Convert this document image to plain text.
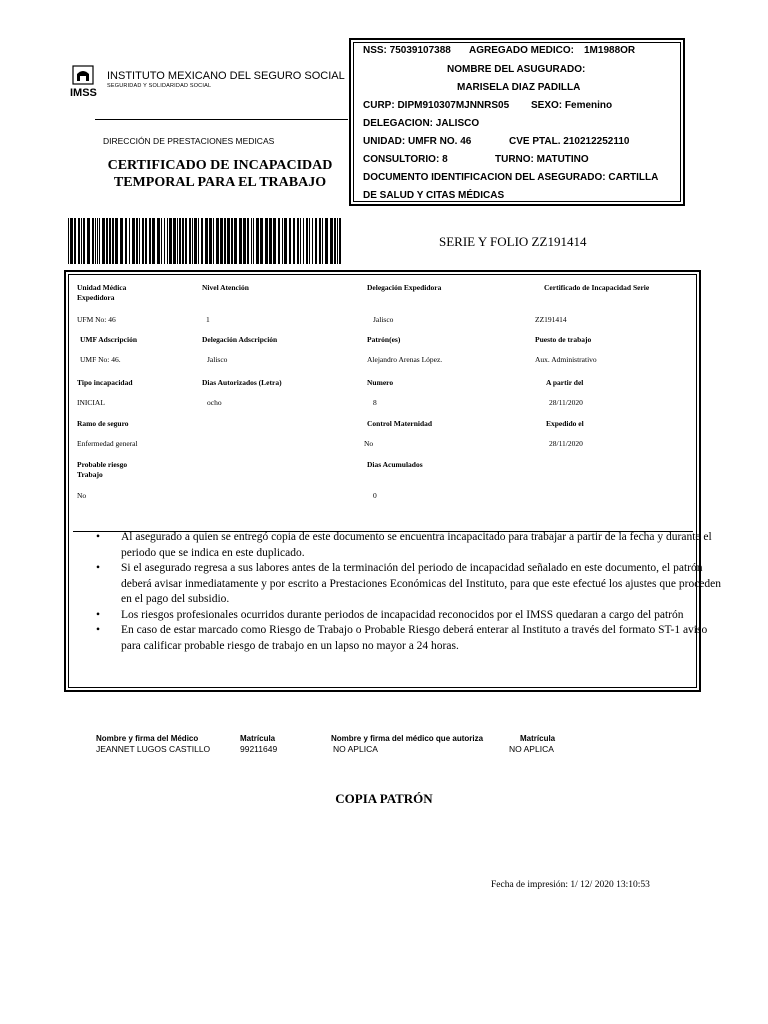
IMSS
INSTITUTO MEXICANO DEL SEGURO SOCIAL
SEGURIDAD Y SOLIDARIDAD SOCIAL
DIRECCIÓN DE PRESTACIONES MEDICAS
CERTIFICADO DE INCAPACIDAD
TEMPORAL PARA EL TRABAJO
NSS: 75039107388 AGREGADO MEDICO: 1M1988OR
NOMBRE DEL ASUGURADO:
MARISELA DIAZ PADILLA
CURP: DIPM910307MJNNRS05 SEXO: Femenino
DELEGACION: JALISCO
UNIDAD: UMFR NO. 46	CVE PTAL. 210212252110
CONSULTORIO: 8	TURNO: MATUTINO
DOCUMENTO IDENTIFICACION DEL ASEGURADO: CARTILLA
DE SALUD Y CITAS MÉDICAS
SERIE Y FOLIO ZZ191414
Unidad Médica Expedidora
UFM No: 46
Nivel Atención
1
Delegación Expedidora
Jalisco
Certificado de Incapacidad Serie
ZZ191414
UMF Adscripción
UMF No: 46.
Delegación Adscripción
Jalisco
Patrón(es)
Alejandro Arenas López.
Puesto de trabajo
Aux. Administrativo
Tipo incapacidad
INICIAL
Dias Autorizados (Letra)
ocho
Numero
8
A partir del
28/11/2020
Ramo de seguro
Enfermedad general
Control Maternidad
No
Expedido el
28/11/2020
Probable riesgo Trabajo
No
Dias Acumulados
0
• Al asegurado a quien se entregó copia de este documento se encuentra incapacitado para trabajar a partir de la fecha y durante el periodo que se indica en este duplicado.
• Si el asegurado regresa a sus labores antes de la terminación del periodo de incapacidad señalado en este documento, el patrón deberá avisar inmediatamente y por escrito a Prestaciones Económicas del Instituto, para que este efectué los ajustes que proceden en el pago del subsidio.
• Los riesgos profesionales ocurridos durante periodos de incapacidad reconocidos por el IMSS quedaran a cargo del patrón
• En caso de estar marcado como Riesgo de Trabajo o Probable Riesgo deberá enterar al Instituto a través del formato ST-1 aviso para calificar probable riesgo de trabajo en un lapso no mayor a 24 horas.
Nombre y firma del Médico
JEANNET LUGOS CASTILLO
Matrícula
99211649
Nombre y firma del médico que autoriza
NO APLICA
Matrícula
NO APLICA
COPIA PATRÓN
Fecha de impresión: 1/ 12/ 2020 13:10:53
